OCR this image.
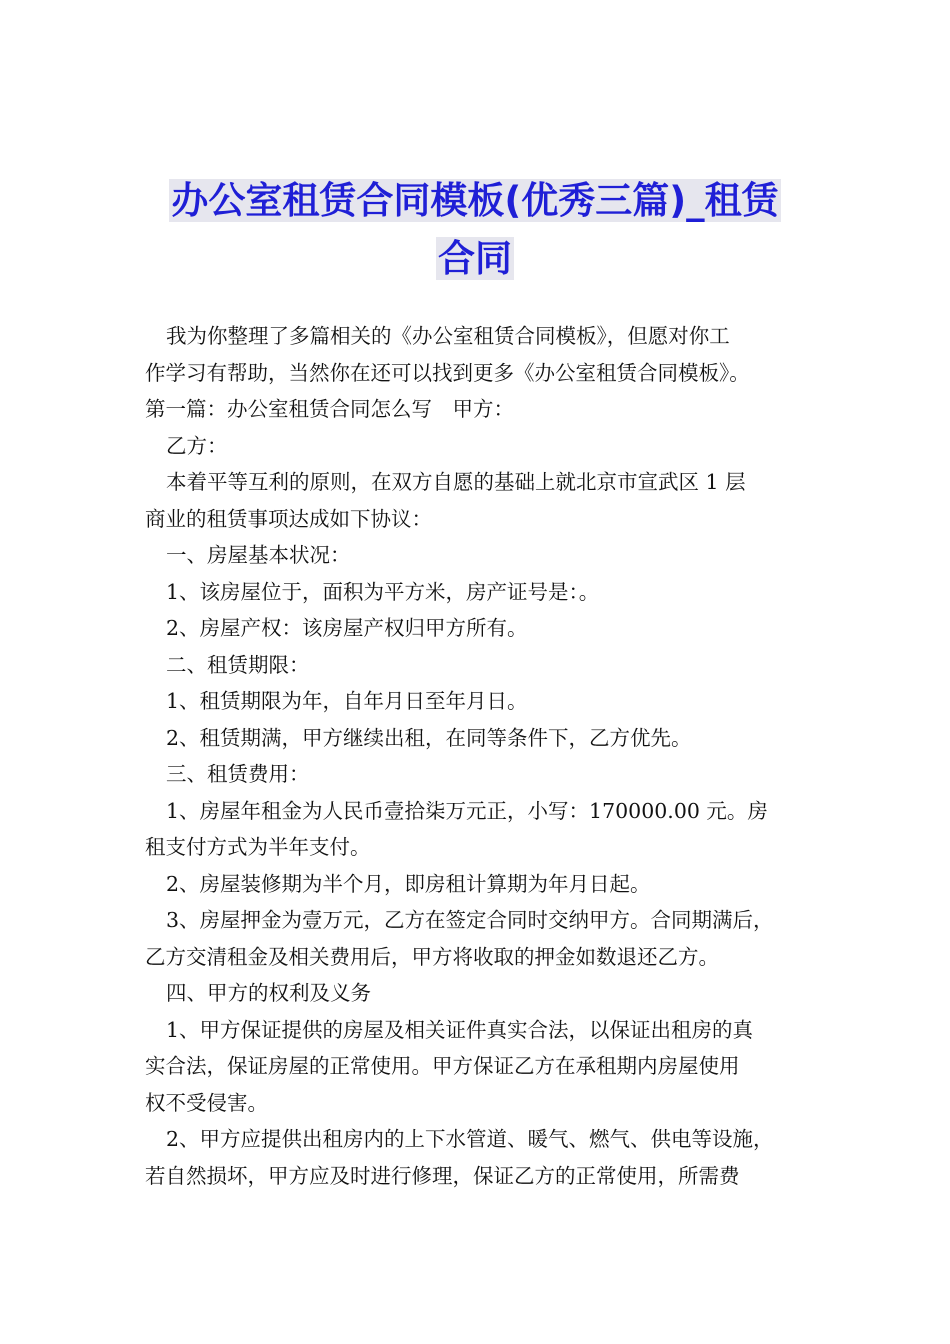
办公室租赁合同模板(优秀三篇)_租赁
合同

我为你整理了多篇相关的《办公室租赁合同模板》，但愿对你工

作学习有帮助，当然你在还可以找到更多《办公室租赁合同模板》。

第一篇：办公室租赁合同怎么写　甲方：

乙方：

本着平等互利的原则，在双方自愿的基础上就北京市宣武区 1 层

商业的租赁事项达成如下协议：

一、房屋基本状况：

1、该房屋位于，面积为平方米，房产证号是：。

2、房屋产权：该房屋产权归甲方所有。

二、租赁期限：

1、租赁期限为年，自年月日至年月日。

2、租赁期满，甲方继续出租，在同等条件下，乙方优先。

三、租赁费用：

1、房屋年租金为人民币壹拾柒万元正，小写：170000.00 元。房

租支付方式为半年支付。

2、房屋装修期为半个月，即房租计算期为年月日起。

3、房屋押金为壹万元，乙方在签定合同时交纳甲方。合同期满后，

乙方交清租金及相关费用后，甲方将收取的押金如数退还乙方。

四、甲方的权利及义务

1、甲方保证提供的房屋及相关证件真实合法，以保证出租房的真

实合法，保证房屋的正常使用。甲方保证乙方在承租期内房屋使用

权不受侵害。

2、甲方应提供出租房内的上下水管道、暖气、燃气、供电等设施，

若自然损坏，甲方应及时进行修理，保证乙方的正常使用，所需费
